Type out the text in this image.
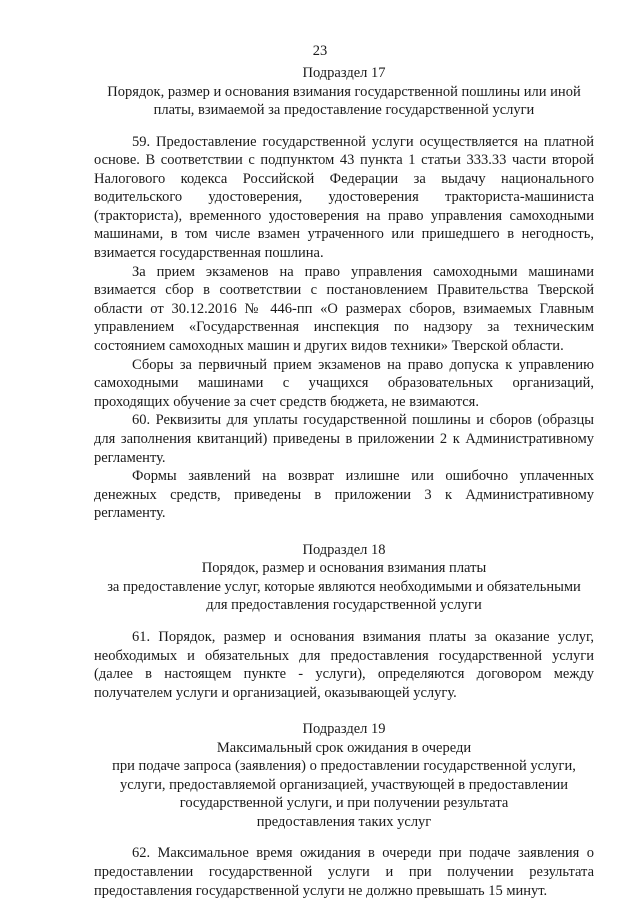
23
Подраздел 17
Порядок, размер и основания взимания государственной пошлины или иной
платы, взимаемой за предоставление государственной услуги

59. Предоставление государственной услуги осуществляется на платной основе. В соответствии с подпунктом 43 пункта 1 статьи 333.33 части второй Налогового кодекса Российской Федерации за выдачу национального водительского удостоверения, удостоверения тракториста-машиниста (тракториста), временного удостоверения на право управления самоходными машинами, в том числе взамен утраченного или пришедшего в негодность, взимается государственная пошлина.

За прием экзаменов на право управления самоходными машинами взимается сбор в соответствии с постановлением Правительства Тверской области от 30.12.2016 № 446-пп «О размерах сборов, взимаемых Главным управлением «Государственная инспекция по надзору за техническим состоянием самоходных машин и других видов техники» Тверской области.

Сборы за первичный прием экзаменов на право допуска к управлению самоходными машинами с учащихся образовательных организаций, проходящих обучение за счет средств бюджета, не взимаются.

60. Реквизиты для уплаты государственной пошлины и сборов (образцы для заполнения квитанций) приведены в приложении 2 к Административному регламенту.

Формы заявлений на возврат излишне или ошибочно уплаченных денежных средств, приведены в приложении 3 к Административному регламенту.

Подраздел 18
Порядок, размер и основания взимания платы
за предоставление услуг, которые являются необходимыми и обязательными
для предоставления государственной услуги

61. Порядок, размер и основания взимания платы за оказание услуг, необходимых и обязательных для предоставления государственной услуги (далее в настоящем пункте - услуги), определяются договором между получателем услуги и организацией, оказывающей услугу.

Подраздел 19
Максимальный срок ожидания в очереди
при подаче запроса (заявления) о предоставлении государственной услуги,
услуги, предоставляемой организацией, участвующей в предоставлении
государственной услуги, и при получении результата
предоставления таких услуг

62. Максимальное время ожидания в очереди при подаче заявления о предоставлении государственной услуги и при получении результата предоставления государственной услуги не должно превышать 15 минут.
